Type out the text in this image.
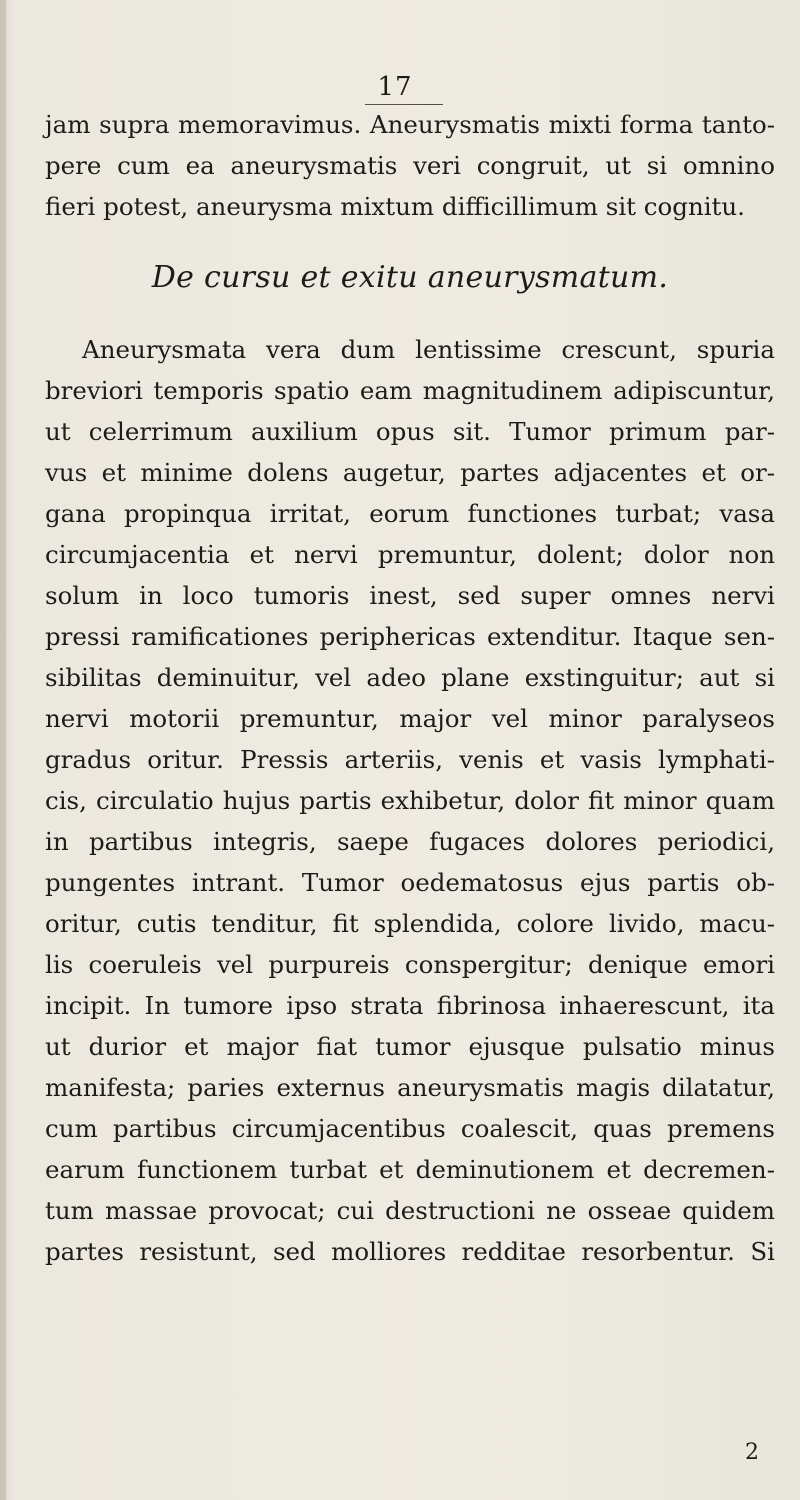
17
jam supra memoravimus. Aneurysmatis mixti forma tanto-
pere cum ea aneurysmatis veri congruit, ut si omnino
fieri potest, aneurysma mixtum difficillimum sit cognitu.
De cursu et exitu aneurysmatum.
Aneurysmata vera dum lentissime crescunt, spuria
breviori temporis spatio eam magnitudinem adipiscuntur,
ut celerrimum auxilium opus sit. Tumor primum par-
vus et minime dolens augetur, partes adjacentes et or-
gana propinqua irritat, eorum functiones turbat; vasa
circumjacentia et nervi premuntur, dolent; dolor non
solum in loco tumoris inest, sed super omnes nervi
pressi ramificationes periphericas extenditur. Itaque sen-
sibilitas deminuitur, vel adeo plane exstinguitur; aut si
nervi motorii premuntur, major vel minor paralyseos
gradus oritur. Pressis arteriis, venis et vasis lymphati-
cis, circulatio hujus partis exhibetur, dolor fit minor quam
in partibus integris, saepe fugaces dolores periodici,
pungentes intrant. Tumor oedematosus ejus partis ob-
oritur, cutis tenditur, fit splendida, colore livido, macu-
lis coeruleis vel purpureis conspergitur; denique emori
incipit. In tumore ipso strata fibrinosa inhaerescunt, ita
ut durior et major fiat tumor ejusque pulsatio minus
manifesta; paries externus aneurysmatis magis dilatatur,
cum partibus circumjacentibus coalescit, quas premens
earum functionem turbat et deminutionem et decremen-
tum massae provocat; cui destructioni ne osseae quidem
partes resistunt, sed molliores redditae resorbentur. Si
2
